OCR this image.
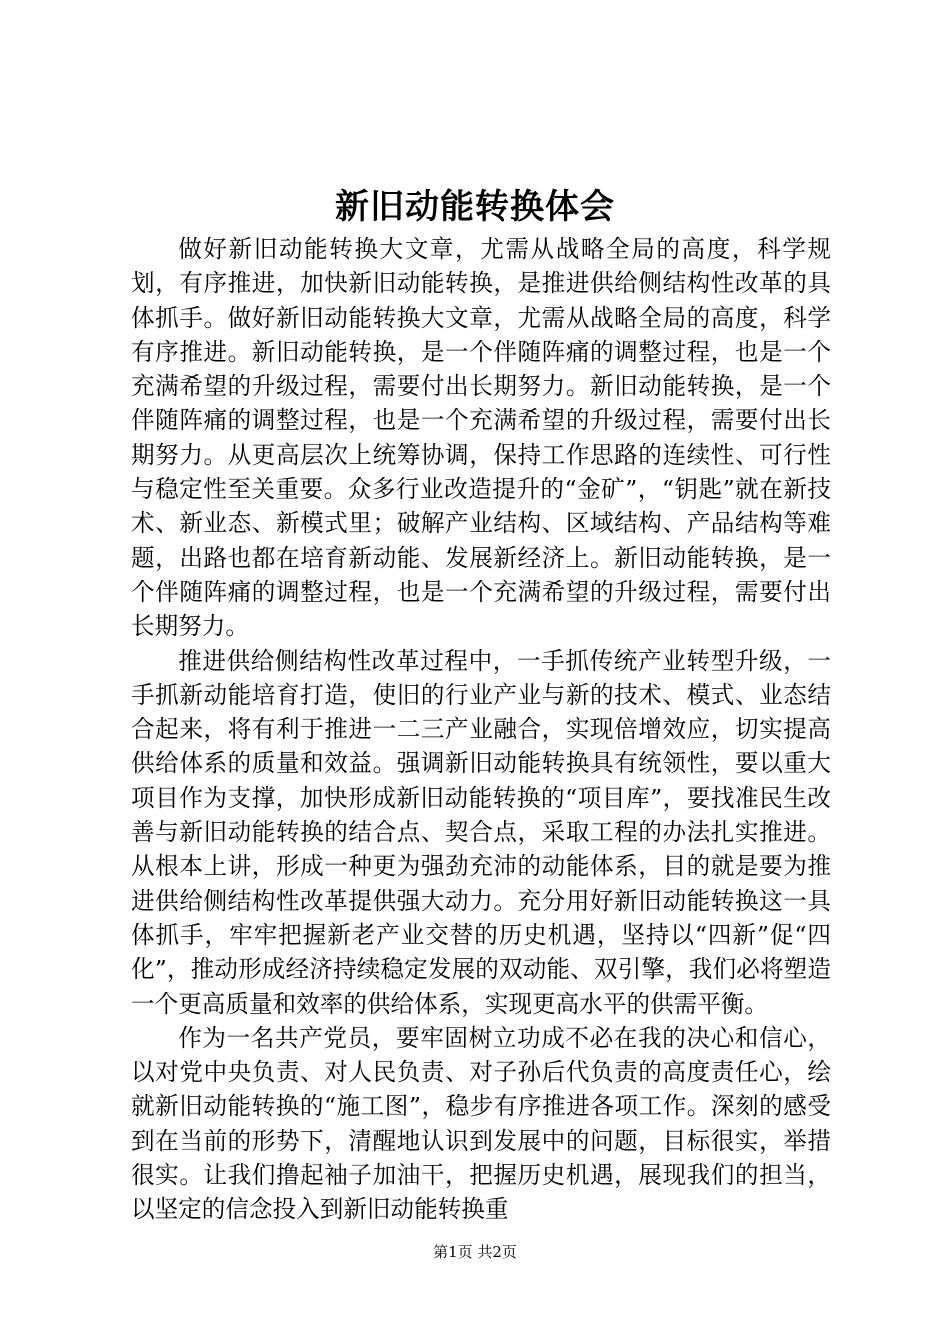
新旧动能转换体会

做好新旧动能转换大文章，尤需从战略全局的高度，科学规划，有序推进，加快新旧动能转换，是推进供给侧结构性改革的具体抓手。做好新旧动能转换大文章，尤需从战略全局的高度，科学有序推进。新旧动能转换，是一个伴随阵痛的调整过程，也是一个充满希望的升级过程，需要付出长期努力。新旧动能转换，是一个伴随阵痛的调整过程，也是一个充满希望的升级过程，需要付出长期努力。从更高层次上统筹协调，保持工作思路的连续性、可行性与稳定性至关重要。众多行业改造提升的“金矿”，“钥匙”就在新技术、新业态、新模式里；破解产业结构、区域结构、产品结构等难题，出路也都在培育新动能、发展新经济上。新旧动能转换，是一个伴随阵痛的调整过程，也是一个充满希望的升级过程，需要付出长期努力。

推进供给侧结构性改革过程中，一手抓传统产业转型升级，一手抓新动能培育打造，使旧的行业产业与新的技术、模式、业态结合起来，将有利于推进一二三产业融合，实现倍增效应，切实提高供给体系的质量和效益。强调新旧动能转换具有统领性，要以重大项目作为支撑，加快形成新旧动能转换的“项目库”，要找准民生改善与新旧动能转换的结合点、契合点，采取工程的办法扎实推进。从根本上讲，形成一种更为强劲充沛的动能体系，目的就是要为推进供给侧结构性改革提供强大动力。充分用好新旧动能转换这一具体抓手，牢牢把握新老产业交替的历史机遇，坚持以“四新”促“四化”，推动形成经济持续稳定发展的双动能、双引擎，我们必将塑造一个更高质量和效率的供给体系，实现更高水平的供需平衡。

作为一名共产党员，要牢固树立功成不必在我的决心和信心，以对党中央负责、对人民负责、对子孙后代负责的高度责任心，绘就新旧动能转换的“施工图”，稳步有序推进各项工作。深刻的感受到在当前的形势下，清醒地认识到发展中的问题，目标很实，举措很实。让我们撸起袖子加油干，把握历史机遇，展现我们的担当，以坚定的信念投入到新旧动能转换重

第1页 共2页
